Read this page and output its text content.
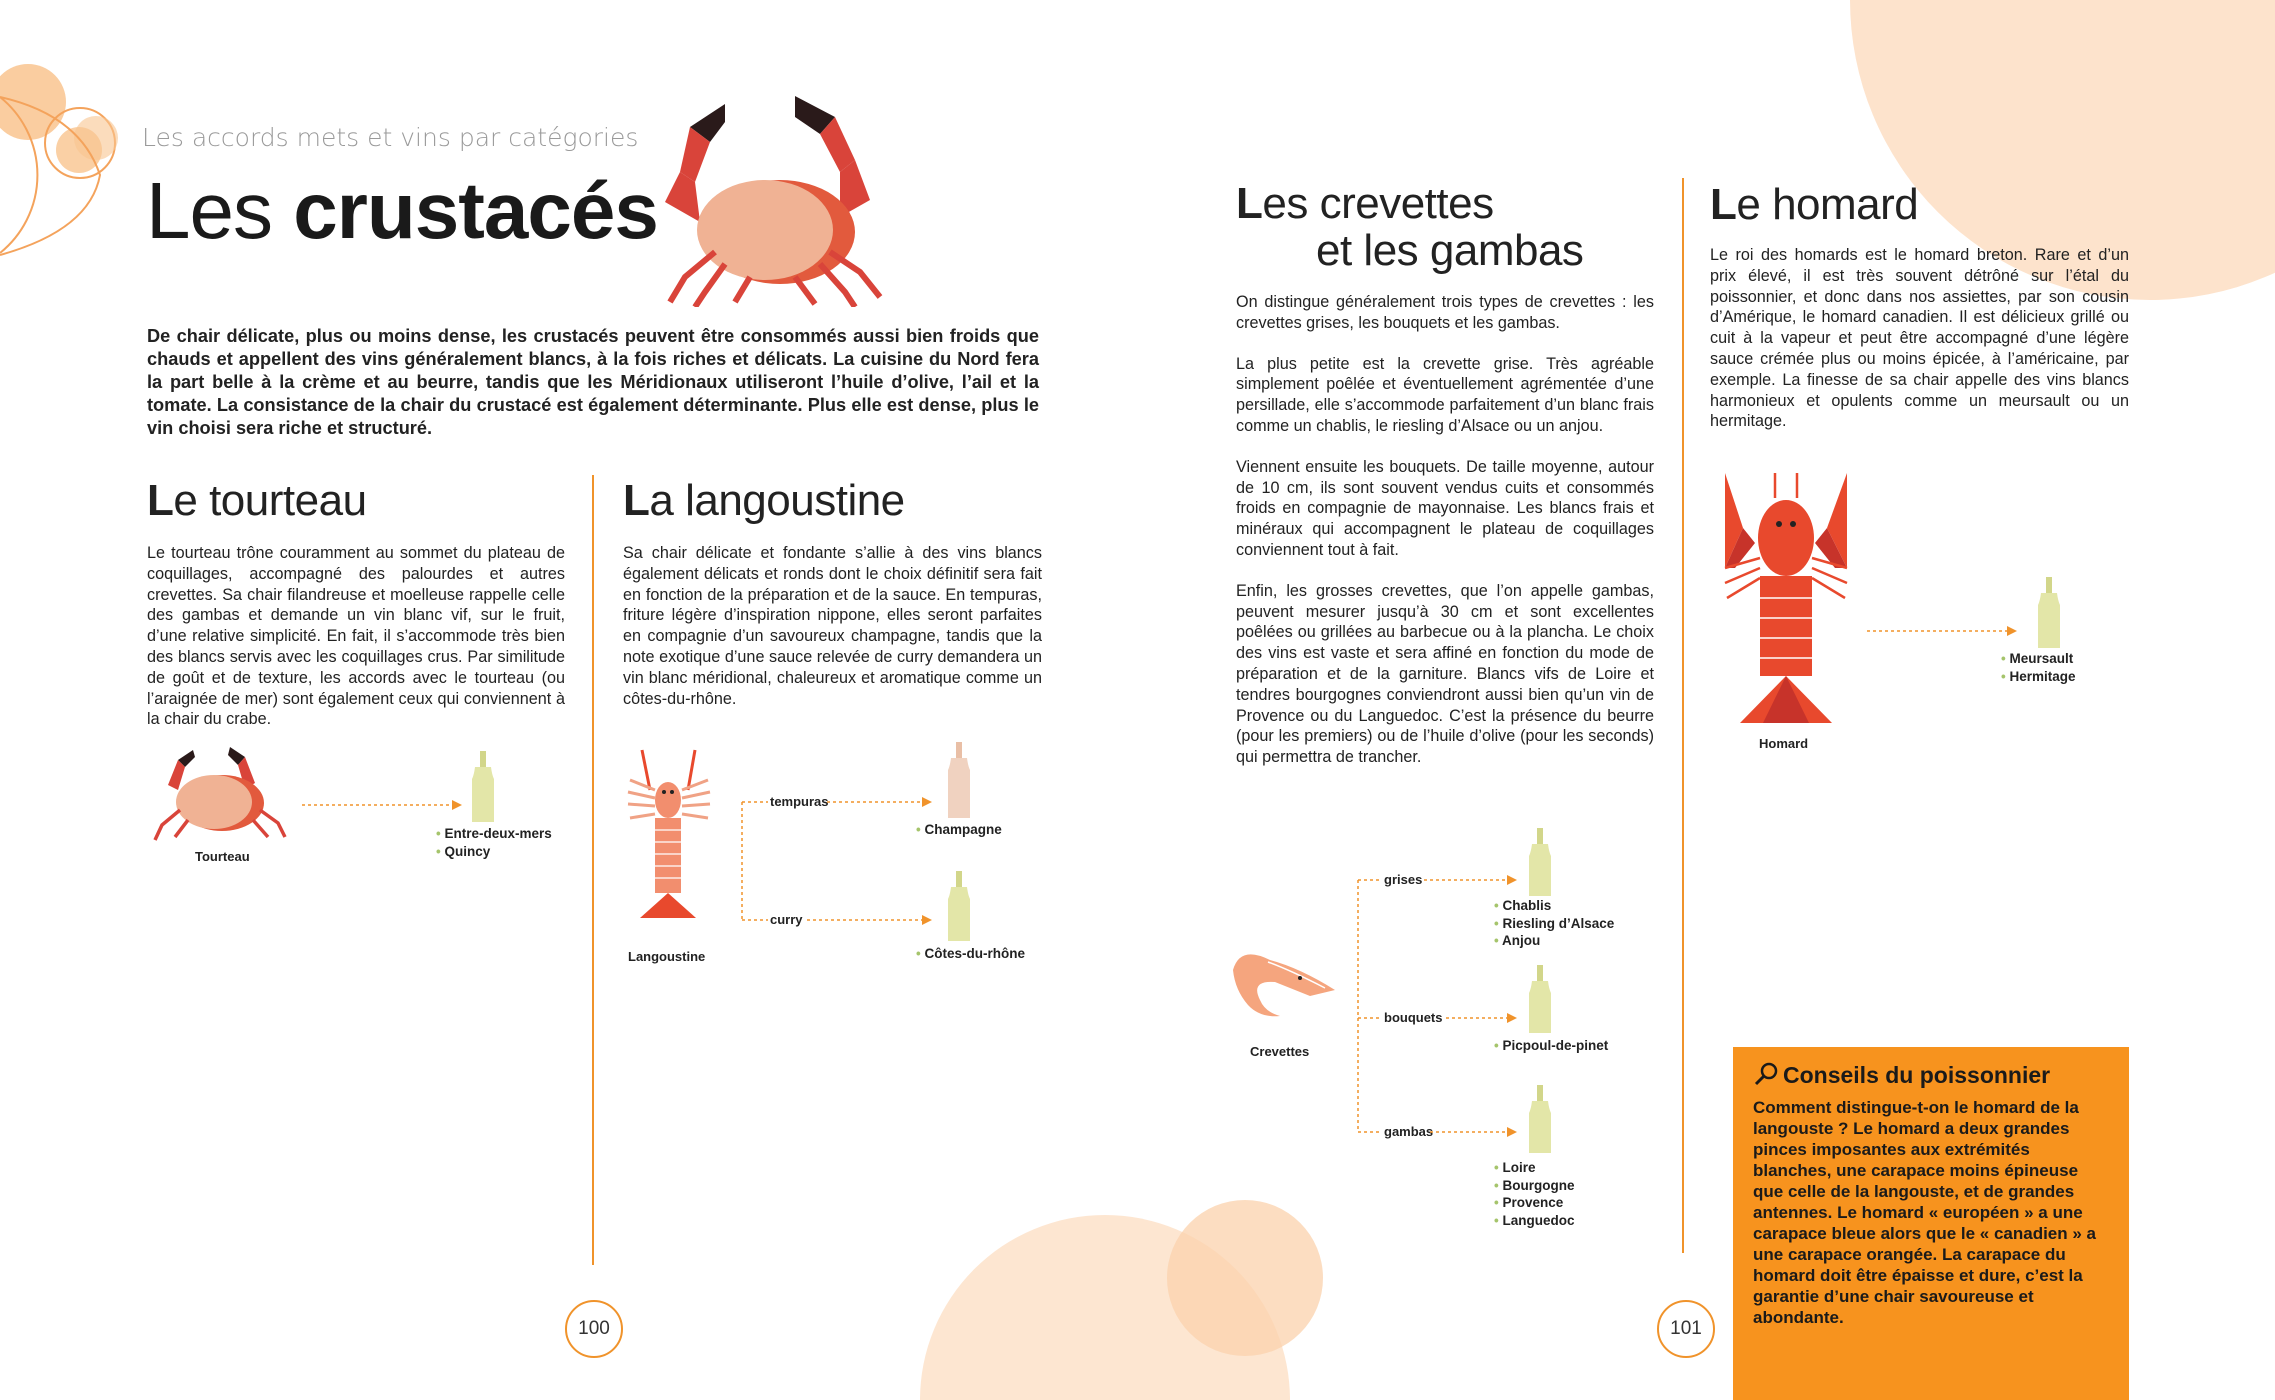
Les accords mets et vins par catégories
Les crustacés
De chair délicate, plus ou moins dense, les crustacés peuvent être consommés aussi bien froids que chauds et appellent des vins généralement blancs, à la fois riches et délicats. La cuisine du Nord fera la part belle à la crème et au beurre, tandis que les Méridionaux utiliseront l’huile d’olive, l’ail et la tomate. La consistance de la chair du crustacé est également déterminante. Plus elle est dense, plus le vin choisi sera riche et structuré.
Le tourteau
Le tourteau trône couramment au sommet du plateau de coquillages, accompagné des palourdes et autres crevettes. Sa chair filandreuse et moelleuse rappelle celle des gambas et demande un vin blanc vif, sur le fruit, d’une relative simplicité. En fait, il s’accommode très bien des blancs servis avec les coquillages crus. Par similitude de goût et de texture, les accords avec le tourteau (ou l’araignée de mer) sont également ceux qui conviennent à la chair du crabe.
Tourteau
• Entre-deux-mers
• Quincy
La langoustine
Sa chair délicate et fondante s’allie à des vins blancs également délicats et ronds dont le choix définitif sera fait en fonction de la préparation et de la sauce. En tempuras, friture légère d’inspiration nippone, elles seront parfaites en compagnie d’un savoureux champagne, tandis que la note exotique d’une sauce relevée de curry demandera un vin blanc méridional, chaleureux et aromatique comme un côtes-du-rhône.
Langoustine
tempuras
curry
• Champagne
• Côtes-du-rhône
Les crevettes
et les gambas

On distingue généralement trois types de crevettes : les crevettes grises, les bouquets et les gambas.

La plus petite est la crevette grise. Très agréable simplement poêlée et éventuellement agrémentée d’une persillade, elle s’accommode parfaitement d’un blanc frais comme un chablis, le riesling d’Alsace ou un anjou.

Viennent ensuite les bouquets. De taille moyenne, autour de 10 cm, ils sont souvent vendus cuits et consommés froids en compagnie de mayonnaise. Les blancs frais et minéraux qui accompagnent le plateau de coquillages conviennent tout à fait.

Enfin, les grosses crevettes, que l’on appelle gambas, peuvent mesurer jusqu’à 30 cm et sont excellentes poêlées ou grillées au barbecue ou à la plancha. Le choix des vins est vaste et sera affiné en fonction du mode de préparation et de la garniture. Blancs vifs de Loire et tendres bourgognes conviendront aussi bien qu’un vin de Provence ou du Languedoc. C’est la présence du beurre (pour les premiers) ou de l’huile d’olive (pour les seconds) qui permettra de trancher.

Crevettes
grises
bouquets
gambas
• Chablis
• Riesling d’Alsace
• Anjou
• Picpoul-de-pinet
• Loire
• Bourgogne
• Provence
• Languedoc
Le homard
Le roi des homards est le homard breton. Rare et d’un prix élevé, il est très souvent détrôné sur l’étal du poissonnier, et donc dans nos assiettes, par son cousin d’Amérique, le homard canadien. Il est délicieux grillé ou cuit à la vapeur et peut être accompagné d’une légère sauce crémée plus ou moins épicée, à l’américaine, par exemple. La finesse de sa chair appelle des vins blancs harmonieux et opulents comme un meursault ou un hermitage.
Homard
• Meursault
• Hermitage
Conseils du poissonnier
Comment distingue-t-on le homard de la langouste ? Le homard a deux grandes pinces imposantes aux extrémités blanches, une carapace moins épineuse que celle de la langouste, et de grandes antennes. Le homard « européen » a une carapace bleue alors que le « canadien » a une carapace orangée. La carapace du homard doit être épaisse et dure, c’est la garantie d’une chair savoureuse et abondante.
100	101
